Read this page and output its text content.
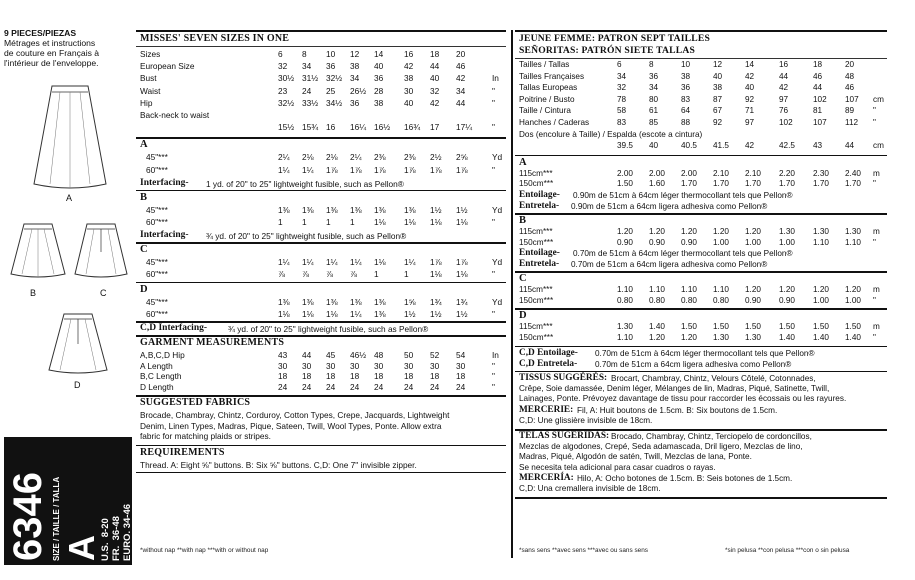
9 PIECES/PIEZAS
Métrages et instructions
de couture en Français à
l'intérieur de l'enveloppe.
A
B	C
D
6346 SIZE / TAILLE / TALLA A
U.S.  8-20
FR.  36-48
EURO. 34-46
MISSES' SEVEN SIZES IN ONE
Sizes	6 8 10 12 14	16 18 20
European Size	32 34 36 38 40	42 44 46
Bust	30½ 31½ 32½ 34 36	38 40 42	In
Waist	23 24 25 26½ 28	30 32 34	"
Hip	32½ 33½ 34½ 36 38	40 42 44	"
Back-neck to waist
15½ 15¾ 16 16¼ 16½ 16¾ 17 17¼ "
A
45"***	2¼ 2⅛ 2⅛ 2¼ 2⅜ 2⅜ 2½ 2⅝	Yd
60"***	1¼ 1¼ 1⅞ 1⅞ 1⅞ 1⅞ 1⅞ 1⅞	"
Interfacing- 1 yd. of 20" to 25" lightweight fusible, such as Pellon®
B
45"***	1⅜ 1⅜ 1⅜ 1⅜ 1⅜ 1⅜ 1½ 1½	Yd
60"***	1 1 1 1 1⅛ 1⅛ 1⅛ 1⅛	"
Interfacing- ¾ yd. of 20" to 25" lightweight fusible, such as Pellon®
C
45"***	1¼ 1¼ 1¼ 1¼ 1⅛ 1¼ 1⅞ 1⅞	Yd
60"***	⅞ ⅞ ⅞ ⅞ 1	1	1⅛ 1⅛	"
D
45"***	1⅜ 1⅜ 1⅜ 1⅜ 1⅜ 1⅝ 1¾ 1¾	Yd
60"***	1⅛ 1⅛ 1⅛ 1¼ 1⅜ 1½ 1½ 1½	"
C,D Interfacing-	¾ yd. of 20" to 25" lightweight fusible, such as Pellon®
GARMENT MEASUREMENTS
A,B,C,D Hip	43 44 45 46½ 48	50 52 54	In
A Length	30 30 30 30 30	30 30 30	"
B,C Length	18 18 18 18 18	18 18 18	"
D Length	24 24 24 24 24	24 24 24	"
SUGGESTED FABRICS
Brocade, Chambray, Chintz, Corduroy, Cotton Types, Crepe, Jacquards, Lightweight
Denim, Linen Types, Madras, Pique, Sateen, Twill, Wool Types, Ponte. Allow extra
fabric for matching plaids or stripes.
REQUIREMENTS
Thread. A: Eight ⅝" buttons. B: Six ⅝" buttons. C,D: One 7" invisible zipper.
*without nap **with nap ***with or without nap
JEUNE FEMME: PATRON SEPT TAILLES
SEÑORITAS: PATRÓN SIETE TALLAS
Tailles / Tallas	6	8	10	12	14	16	18	20
Tailles Françaises	34	36	38	40	42	44	46	48
Tallas Europeas	32	34	36	38	40	42	44	46
Poitrine / Busto	78	80	83	87	92	97	102 107 cm
Taille / Cintura	58	61	64	67	71	76	81	89 "
Hanches / Caderas	83	85	88	92	97	102 107 112 "
Dos (encolure à Taille) / Espalda (escote a cintura)
39.5 40	40.5 41.5 42	42.5 43	44 cm
A
115cm***	2.00 2.00 2.00 2.10 2.10 2.20 2.30 2.40 m
150cm***	1.50 1.60 1.70 1.70 1.70 1.70 1.70 1.70 "
Entoilage- 0.90m de 51cm à 64cm léger thermocollant tels que Pellon®
Entretela- 0.90m de 51cm a 64cm ligera adhesiva como Pellon®
B
115cm***	1.20 1.20 1.20 1.20 1.20 1.30 1.30 1.30 m
150cm***	0.90 0.90 0.90 1.00 1.00 1.00 1.10 1.10 "
Entoilage- 0.70m de 51cm à 64cm léger thermocollant tels que Pellon®
Entretela- 0.70m de 51cm a 64cm ligera adhesiva como Pellon®
C
115cm***	1.10 1.10 1.10 1.10 1.20 1.20 1.20 1.20 m
150cm***	0.80 0.80 0.80 0.80 0.90 0.90 1.00 1.00 "
D
115cm***	1.30 1.40 1.50 1.50 1.50 1.50 1.50 1.50 m
150cm***	1.10 1.20 1.20 1.30 1.30 1.40 1.40 1.40 "
C,D Entoilage- 0.70m de 51cm à 64cm léger thermocollant tels que Pellon®
C,D Entretela- 0.70m de 51cm a 64cm ligera adhesiva como Pellon®
TISSUS SUGGÉRÉS: Brocart, Chambray, Chintz, Velours Côtelé, Cotonnades,
Crêpe, Soie damassée, Denim léger, Mélanges de lin, Madras, Piqué, Satinette, Twill,
Lainages, Ponte. Prévoyez davantage de tissu pour raccorder les écossais ou les rayures.
MERCERIE: Fil, A: Huit boutons de 1.5cm. B: Six boutons de 1.5cm.
C,D: Une glissière invisible de 18cm.
TELAS SUGERIDAS: Brocado, Chambray, Chintz, Terciopelo de cordoncillos,
Mezclas de algodones, Crepé, Seda adamascada, Dril ligero, Mezclas de lino,
Madras, Piqué, Algodón de satén, Twill, Mezclas de lana, Ponte.
Se necesita tela adicional para casar cuadros o rayas.
MERCERÍA: Hilo, A: Ocho botones de 1.5cm. B: Seis botones de 1.5cm.
C,D: Una cremallera invisible de 18cm.
*sans sens **avec sens ***avec ou sans sens	*sin pelusa **con pelusa ***con o sin pelusa
